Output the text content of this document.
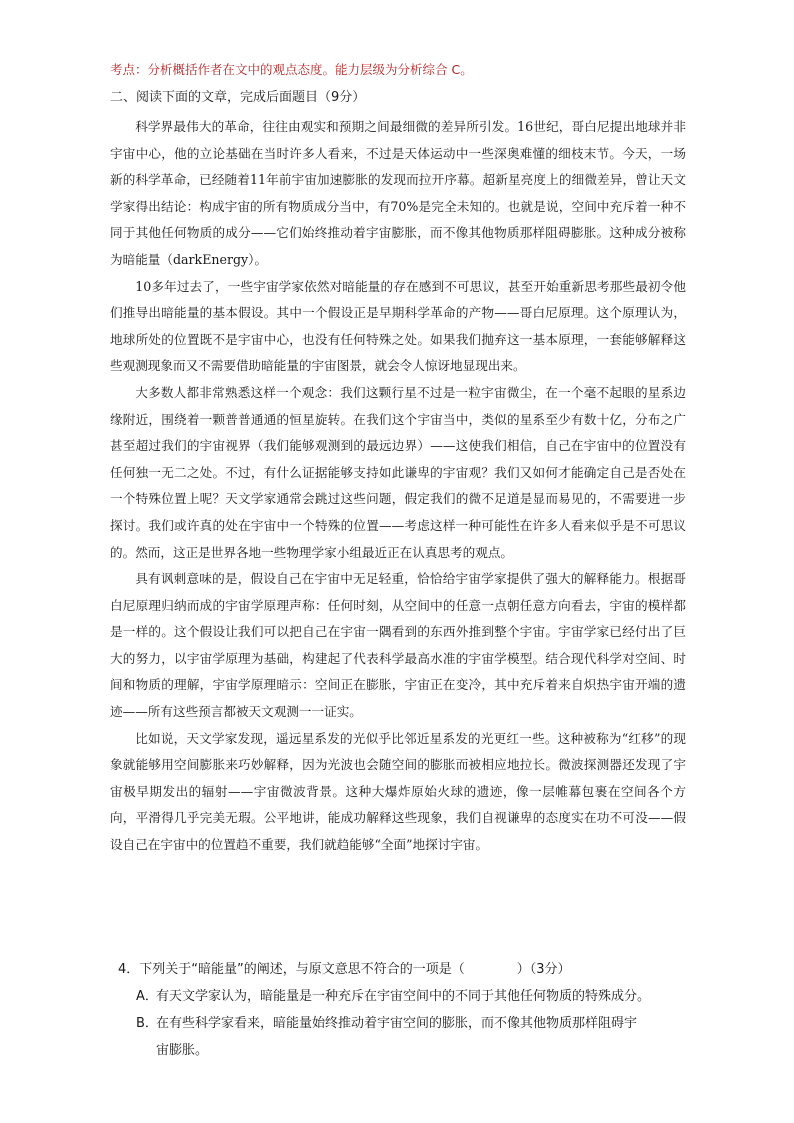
考点：分析概括作者在文中的观点态度。能力层级为分析综合 C。
二、阅读下面的文章，完成后面题目（9分）

科学界最伟大的革命，往往由观实和预期之间最细微的差异所引发。16世纪，哥白尼提出地球并非宇宙中心，他的立论基础在当时许多人看来，不过是天体运动中一些深奥难懂的细枝末节。今天，一场新的科学革命，已经随着11年前宇宙加速膨胀的发现而拉开序幕。超新星亮度上的细微差异，曾让天文学家得出结论：构成宇宙的所有物质成分当中，有70%是完全未知的。也就是说，空间中充斥着一种不同于其他任何物质的成分——它们始终推动着宇宙膨胀，而不像其他物质那样阻碍膨胀。这种成分被称为暗能量（darkEnergy）。

10多年过去了，一些宇宙学家依然对暗能量的存在感到不可思议，甚至开始重新思考那些最初令他们推导出暗能量的基本假设。其中一个假设正是早期科学革命的产物——哥白尼原理。这个原理认为，地球所处的位置既不是宇宙中心，也没有任何特殊之处。如果我们抛弃这一基本原理，一套能够解释这些观测现象而又不需要借助暗能量的宇宙图景，就会令人惊讶地显现出来。

大多数人都非常熟悉这样一个观念：我们这颗行星不过是一粒宇宙微尘，在一个毫不起眼的星系边缘附近，围绕着一颗普普通通的恒星旋转。在我们这个宇宙当中，类似的星系至少有数十亿，分布之广甚至超过我们的宇宙视界（我们能够观测到的最远边界）——这使我们相信，自己在宇宙中的位置没有任何独一无二之处。不过，有什么证据能够支持如此谦卑的宇宙观？我们又如何才能确定自己是否处在一个特殊位置上呢？天文学家通常会跳过这些问题，假定我们的微不足道是显而易见的，不需要进一步探讨。我们或许真的处在宇宙中一个特殊的位置——考虑这样一种可能性在许多人看来似乎是不可思议的。然而，这正是世界各地一些物理学家小组最近正在认真思考的观点。

具有讽刺意味的是，假设自己在宇宙中无足轻重，恰恰给宇宙学家提供了强大的解释能力。根据哥白尼原理归纳而成的宇宙学原理声称：任何时刻，从空间中的任意一点朝任意方向看去，宇宙的模样都是一样的。这个假设让我们可以把自己在宇宙一隅看到的东西外推到整个宇宙。宇宙学家已经付出了巨大的努力，以宇宙学原理为基础，构建起了代表科学最高水准的宇宙学模型。结合现代科学对空间、时间和物质的理解，宇宙学原理暗示：空间正在膨胀，宇宙正在变冷，其中充斥着来自炽热宇宙开端的遗迹——所有这些预言都被天文观测一一证实。

比如说，天文学家发现，遥远星系发的光似乎比邻近星系发的光更红一些。这种被称为“红移”的现象就能够用空间膨胀来巧妙解释，因为光波也会随空间的膨胀而被相应地拉长。微波探测器还发现了宇宙极早期发出的辐射——宇宙微波背景。这种大爆炸原始火球的遗迹，像一层帷幕包裹在空间各个方向，平滑得几乎完美无瑕。公平地讲，能成功解释这些现象，我们自视谦卑的态度实在功不可没——假设自己在宇宙中的位置趋不重要，我们就趋能够“全面”地探讨宇宙。

4．下列关于“暗能量”的阐述，与原文意思不符合的一项是（	）（3分）
A．有天文学家认为，暗能量是一种充斥在宇宙空间中的不同于其他任何物质的特殊成分。
B．在有些科学家看来，暗能量始终推动着宇宙空间的膨胀，而不像其他物质那样阻碍宇
宙膨胀。
